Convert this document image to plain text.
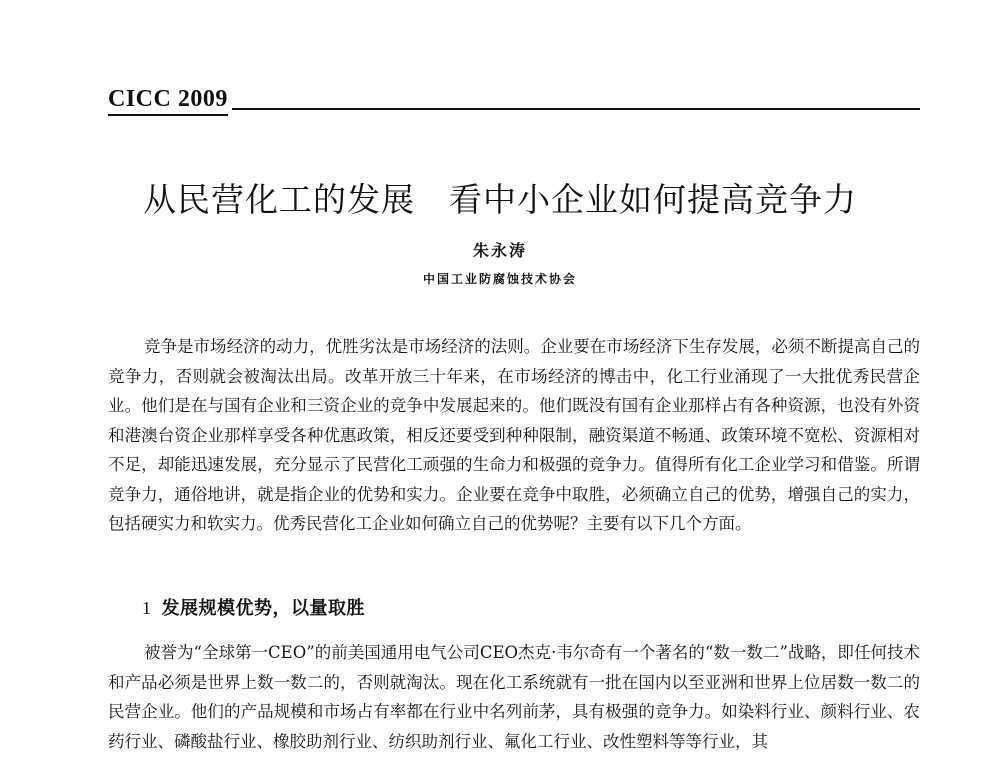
CICC 2009
从民营化工的发展　看中小企业如何提高竞争力
朱永涛
中国工业防腐蚀技术协会
竞争是市场经济的动力，优胜劣汰是市场经济的法则。企业要在市场经济下生存发展，必须不断提高自己的竞争力，否则就会被淘汰出局。改革开放三十年来，在市场经济的博击中，化工行业涌现了一大批优秀民营企业。他们是在与国有企业和三资企业的竞争中发展起来的。他们既没有国有企业那样占有各种资源，也没有外资和港澳台资企业那样享受各种优惠政策，相反还要受到种种限制，融资渠道不畅通、政策环境不宽松、资源相对不足，却能迅速发展，充分显示了民营化工顽强的生命力和极强的竞争力。值得所有化工企业学习和借鉴。所谓竞争力，通俗地讲，就是指企业的优势和实力。企业要在竞争中取胜，必须确立自己的优势，增强自己的实力，包括硬实力和软实力。优秀民营化工企业如何确立自己的优势呢？主要有以下几个方面。
1 发展规模优势，以量取胜
被誉为“全球第一CEO”的前美国通用电气公司CEO杰克·韦尔奇有一个著名的“数一数二”战略，即任何技术和产品必须是世界上数一数二的，否则就淘汰。现在化工系统就有一批在国内以至亚洲和世界上位居数一数二的民营企业。他们的产品规模和市场占有率都在行业中名列前茅，具有极强的竞争力。如染料行业、颜料行业、农药行业、磷酸盐行业、橡胶助剂行业、纺织助剂行业、氟化工行业、改性塑料等等行业，其
